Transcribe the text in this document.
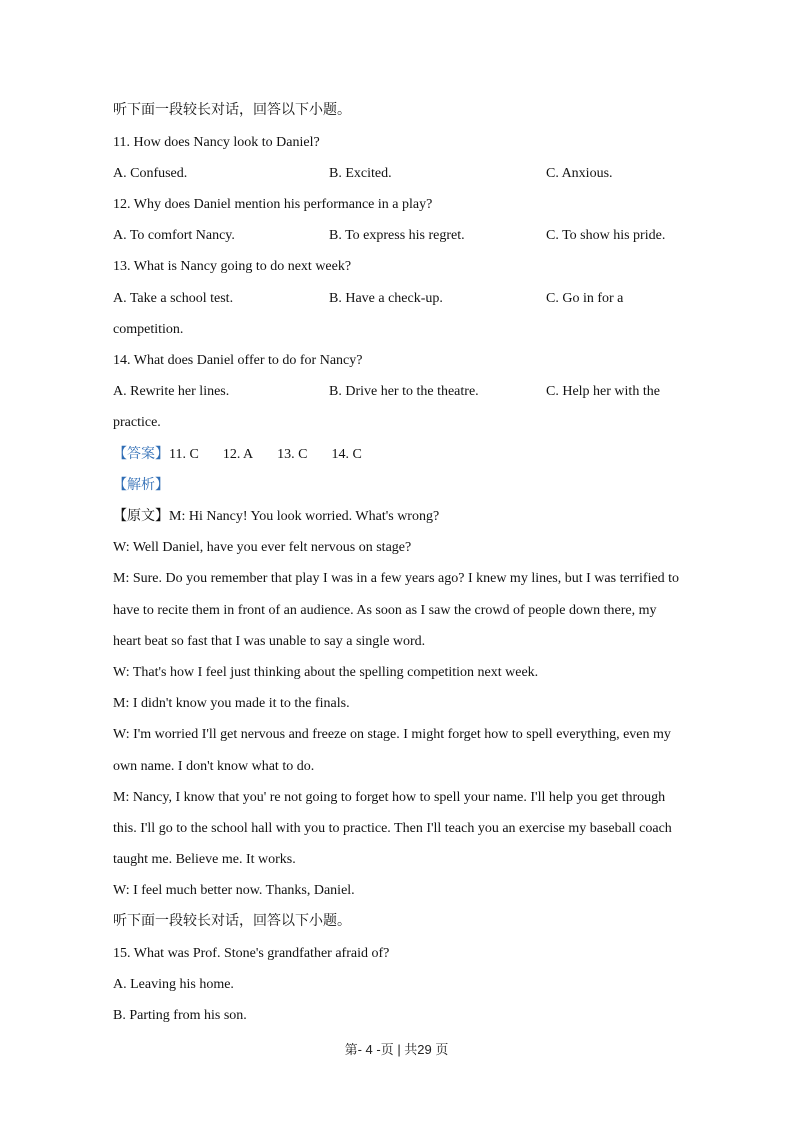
听下面一段较长对话，回答以下小题。
11. How does Nancy look to Daniel?
A. Confused.	B. Excited.	C. Anxious.
12. Why does Daniel mention his performance in a play?
A. To comfort Nancy.	B. To express his regret.	C. To show his pride.
13. What is Nancy going to do next week?
A. Take a school test.	B. Have a check-up.	C. Go in for a
competition.
14. What does Daniel offer to do for Nancy?
A. Rewrite her lines.	B. Drive her to the theatre.	C. Help her with the
practice.
【答案】11. C 12. A 13. C 14. C
【解析】
【原文】M: Hi Nancy! You look worried. What's wrong?
W: Well Daniel, have you ever felt nervous on stage?
M: Sure. Do you remember that play I was in a few years ago? I knew my lines, but I was terrified to
have to recite them in front of an audience. As soon as I saw the crowd of people down there, my
heart beat so fast that I was unable to say a single word.
W: That's how I feel just thinking about the spelling competition next week.
M: I didn't know you made it to the finals.
W: I'm worried I'll get nervous and freeze on stage. I might forget how to spell everything, even my
own name. I don't know what to do.
M: Nancy, I know that you' re not going to forget how to spell your name. I'll help you get through
this. I'll go to the school hall with you to practice. Then I'll teach you an exercise my baseball coach
taught me. Believe me. It works.
W: I feel much better now. Thanks, Daniel.
听下面一段较长对话，回答以下小题。
15. What was Prof. Stone's grandfather afraid of?
A. Leaving his home.
B. Parting from his son.
第- 4 -页 | 共29 页
